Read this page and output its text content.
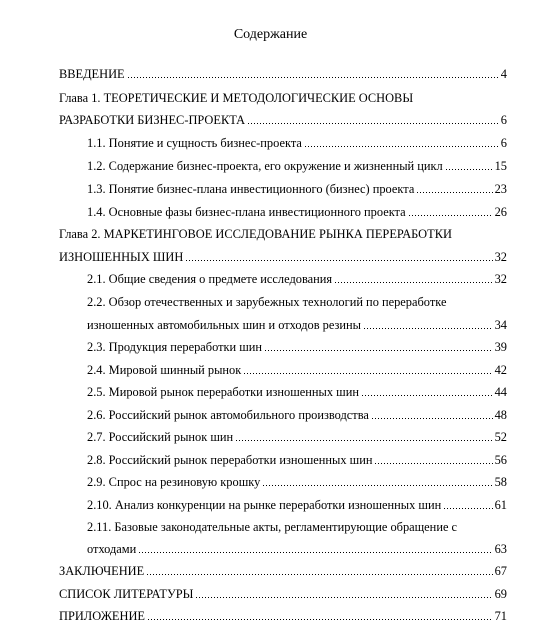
Содержание
ВВЕДЕНИЕ	4
Глава 1. ТЕОРЕТИЧЕСКИЕ И МЕТОДОЛОГИЧЕСКИЕ ОСНОВЫ
РАЗРАБОТКИ БИЗНЕС-ПРОЕКТА	6
1.1. Понятие и сущность бизнес-проекта	6
1.2. Содержание бизнес-проекта, его окружение и жизненный цикл	15
1.3. Понятие бизнес-плана инвестиционного (бизнес) проекта	23
1.4. Основные фазы бизнес-плана инвестиционного проекта	26
Глава 2. МАРКЕТИНГОВОЕ ИССЛЕДОВАНИЕ РЫНКА ПЕРЕРАБОТКИ
ИЗНОШЕННЫХ ШИН	32
2.1. Общие сведения о предмете исследования	32
2.2. Обзор отечественных и зарубежных технологий по переработке
изношенных автомобильных шин и отходов резины	34
2.3. Продукция переработки шин	39
2.4. Мировой шинный рынок	42
2.5. Мировой рынок переработки изношенных шин	44
2.6. Российский рынок автомобильного производства	48
2.7. Российский рынок шин	52
2.8. Российский рынок переработки изношенных шин	56
2.9. Спрос на резиновую крошку	58
2.10. Анализ конкуренции на рынке переработки изношенных шин	61
2.11. Базовые законодательные акты, регламентирующие обращение с
отходами	63
ЗАКЛЮЧЕНИЕ	67
СПИСОК ЛИТЕРАТУРЫ	69
ПРИЛОЖЕНИЕ	71
